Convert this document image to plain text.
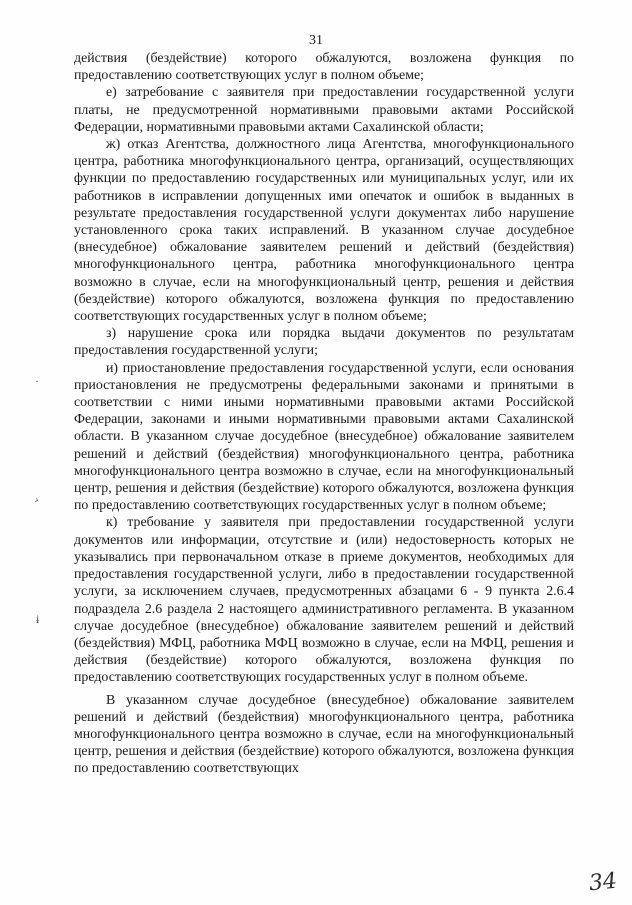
31

действия (бездействие) которого обжалуются, возложена функция по предоставлению соответствующих услуг в полном объеме;

е) затребование с заявителя при предоставлении государственной услуги платы, не предусмотренной нормативными правовыми актами Российской Федерации, нормативными правовыми актами Сахалинской области;

ж) отказ Агентства, должностного лица Агентства, многофункционального центра, работника многофункционального центра, организаций, осуществляющих функции по предоставлению государственных или муниципальных услуг, или их работников в исправлении допущенных ими опечаток и ошибок в выданных в результате предоставления государственной услуги документах либо нарушение установленного срока таких исправлений. В указанном случае досудебное (внесудебное) обжалование заявителем решений и действий (бездействия) многофункционального центра, работника многофункционального центра возможно в случае, если на многофункциональный центр, решения и действия (бездействие) которого обжалуются, возложена функция по предоставлению соответствующих государственных услуг в полном объеме;

з) нарушение срока или порядка выдачи документов по результатам предоставления государственной услуги;

и) приостановление предоставления государственной услуги, если основания приостановления не предусмотрены федеральными законами и принятыми в соответствии с ними иными нормативными правовыми актами Российской Федерации, законами и иными нормативными правовыми актами Сахалинской области. В указанном случае досудебное (внесудебное) обжалование заявителем решений и действий (бездействия) многофункционального центра, работника многофункционального центра возможно в случае, если на многофункциональный центр, решения и действия (бездействие) которого обжалуются, возложена функция по предоставлению соответствующих государственных услуг в полном объеме;

к) требование у заявителя при предоставлении государственной услуги документов или информации, отсутствие и (или) недостоверность которых не указывались при первоначальном отказе в приеме документов, необходимых для предоставления государственной услуги, либо в предоставлении государственной услуги, за исключением случаев, предусмотренных абзацами 6 - 9 пункта 2.6.4 подраздела 2.6 раздела 2 настоящего административного регламента. В указанном случае досудебное (внесудебное) обжалование заявителем решений и действий (бездействия) МФЦ, работника МФЦ возможно в случае, если на МФЦ, решения и действия (бездействие) которого обжалуются, возложена функция по предоставлению соответствующих государственных услуг в полном объеме.

В указанном случае досудебное (внесудебное) обжалование заявителем решений и действий (бездействия) многофункционального центра, работника многофункционального центра возможно в случае, если на многофункциональный центр, решения и действия (бездействие) которого обжалуются, возложена функция по предоставлению соответствующих

·
›
ɨ
34
